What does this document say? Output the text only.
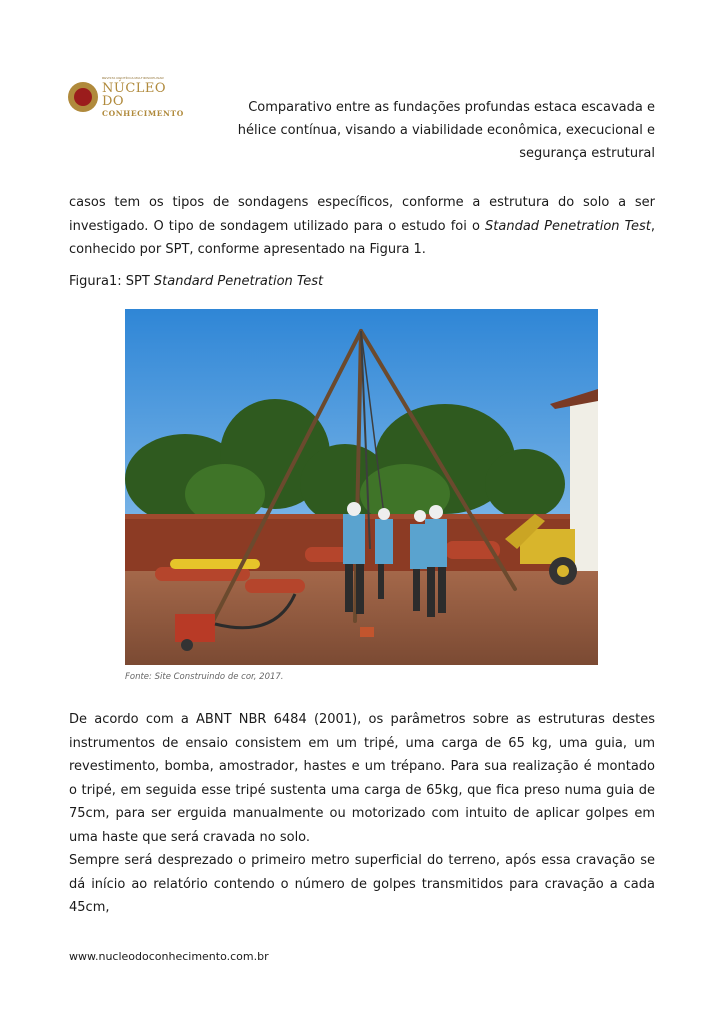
REVISTA CIENTÍFICA MULTIDISCIPLINAR
NÚCLEO DO
CONHECIMENTO	Comparativo entre as fundações profundas estaca escavada e hélice contínua, visando a viabilidade econômica, execucional e segurança estrutural

casos tem os tipos de sondagens específicos, conforme a estrutura do solo a ser investigado. O tipo de sondagem utilizado para o estudo foi o Standad Penetration Test, conhecido por SPT, conforme apresentado na Figura 1.

Figura1: SPT Standard Penetration Test

Fonte: Site Construindo de cor, 2017.

De acordo com a ABNT NBR 6484 (2001), os parâmetros sobre as estruturas destes instrumentos de ensaio consistem em um tripé, uma carga de 65 kg, uma guia, um revestimento, bomba, amostrador, hastes e um trépano. Para sua realização é montado o tripé, em seguida esse tripé sustenta uma carga de 65kg, que fica preso numa guia de 75cm, para ser erguida manualmente ou motorizado com intuito de aplicar golpes em uma haste que será cravada no solo.

Sempre será desprezado o primeiro metro superficial do terreno, após essa cravação se dá início ao relatório contendo o número de golpes transmitidos para cravação a cada 45cm,

www.nucleodoconhecimento.com.br
